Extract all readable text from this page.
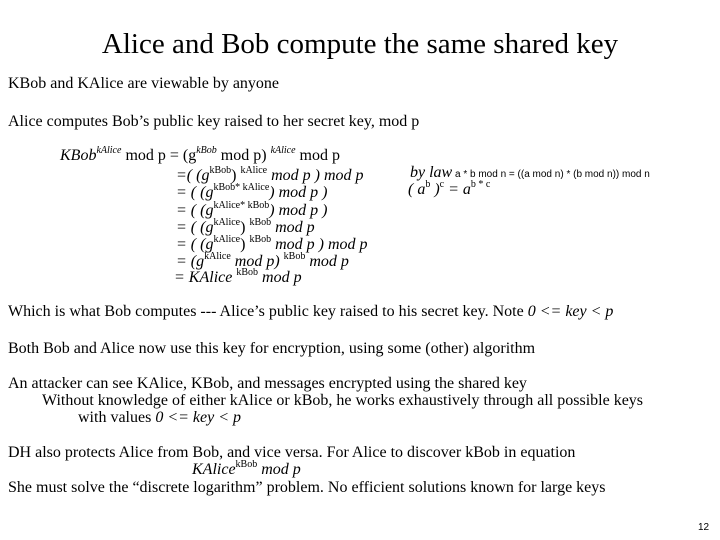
Alice and Bob compute the same shared key
KBob and KAlice are viewable by anyone
Alice computes Bob’s public key raised to her secret key, mod p
KBob$^{kAlice}$ mod $p = (g^{kBob}$ mod p) $^{kAlice}$ mod p
=( $(g^{kBob})$ $^{kAlice}$ mod p ) mod p
= ( $(g^{kBob* kAlice})$ mod p )
= ( $(g^{kAlice* kBob})$ mod p )
= ( $(g^{kAlice})$ $^{kBob}$ mod p
= ( $(g^{kAlice})$ $^{kBob}$ mod p ) mod p
= ($g^{kAlice}$ mod p) $^{kBob}$ mod p
= KAlice $^{kBob}$ mod p
by law a * b mod n = ((a mod n) * (b mod n)) mod n
( $a^b$ )$^c = a^{b * c}$
Which is what Bob computes --- Alice’s public key raised to his secret key. Note 0 <= key < p
Both Bob and Alice now use this key for encryption, using some (other) algorithm
An attacker can see KAlice, KBob, and messages encrypted using the shared key
Without knowledge of either kAlice or kBob, he works exhaustively through all possible keys
with values 0 <= key < p
DH also protects Alice from Bob, and vice versa. For Alice to discover kBob in equation
KAlice$^{kBob}$ mod p
She must solve the “discrete logarithm” problem. No efficient solutions known for large keys
12
